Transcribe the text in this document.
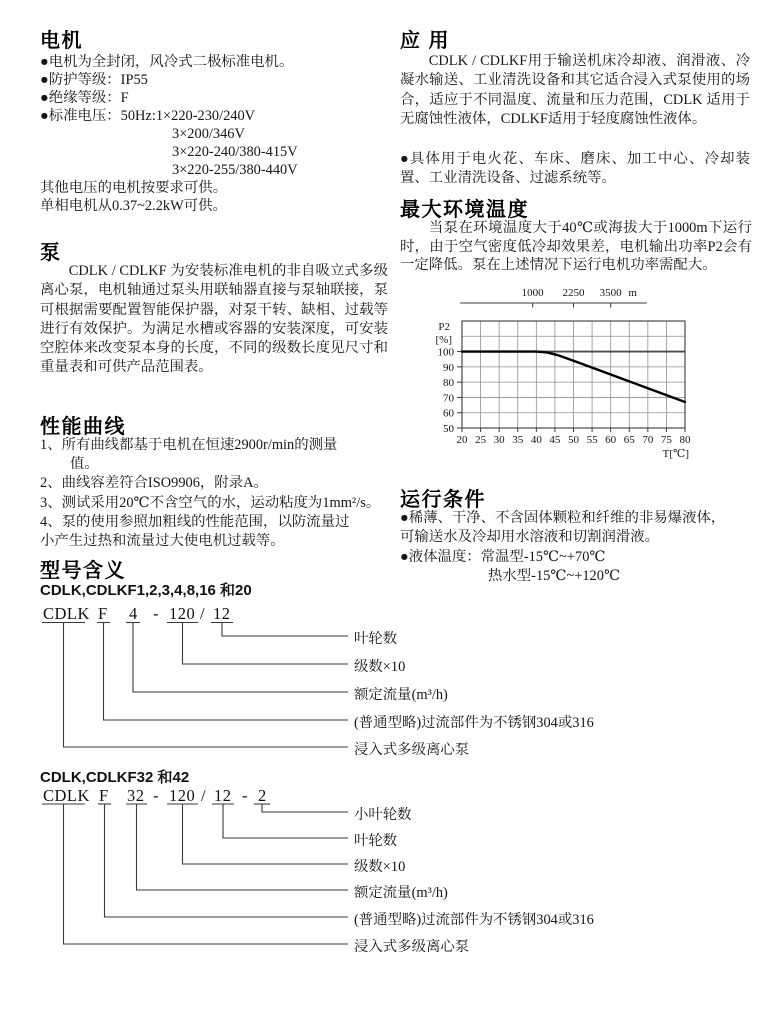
电机
●电机为全封闭，风冷式二极标准电机。
●防护等级：IP55
●绝缘等级：F
●标准电压：50Hz:1×220-230/240V
3×200/346V
3×220-240/380-415V
3×220-255/380-440V
其他电压的电机按要求可供。
单相电机从0.37~2.2kW可供。
泵

CDLK / CDLKF 为安装标准电机的非自吸立式多级离心泵，电机轴通过泵头用联轴器直接与泵轴联接，泵可根据需要配置智能保护器，对泵干转、缺相、过载等进行有效保护。为满足水槽或容器的安装深度，可安装空腔体来改变泵本身的长度，不同的级数长度见尺寸和重量表和可供产品范围表。

性能曲线
1、所有曲线都基于电机在恒速2900r/min的测量
值。
2、曲线容差符合ISO9906，附录A。
3、测试采用20℃不含空气的水，运动粘度为1mm²/s。
4、泵的使用参照加粗线的性能范围，以防流量过
小产生过热和流量过大使电机过载等。
型号含义
CDLK,CDLKF1,2,3,4,8,16 和20
CDLK F 4 - 120 / 12
叶轮数
级数×10
额定流量(m³/h)
(普通型略)过流部件为不锈钢304或316
浸入式多级离心泵
CDLK,CDLKF32 和42
CDLK F 32 - 120 / 12 - 2
小叶轮数
叶轮数
级数×10
额定流量(m³/h)
(普通型略)过流部件为不锈钢304或316
浸入式多级离心泵
应 用

CDLK / CDLKF用于输送机床冷却液、润滑液、冷凝水输送、工业清洗设备和其它适合浸入式泵使用的场合，适应于不同温度、流量和压力范围，CDLK 适用于无腐蚀性液体，CDLKF适用于轻度腐蚀性液体。

●具体用于电火花、车床、磨床、加工中心、冷却装置、工业清洗设备、过滤系统等。

最大环境温度

当泵在环境温度大于40℃或海拔大于1000m下运行时，由于空气密度低冷却效果差，电机输出功率P2会有一定降低。泵在上述情况下运行电机功率需配大。

50
60
70
80
90
100
20 25 30 35 40 45 50 55 60 65 70 75 80
T[℃]
P2
[%]
1000 2250 3500 m
运行条件
●稀薄、干净、不含固体颗粒和纤维的非易爆液体，
可输送水及冷却用水溶液和切割润滑液。
●液体温度：常温型-15℃~+70℃
热水型-15℃~+120℃
